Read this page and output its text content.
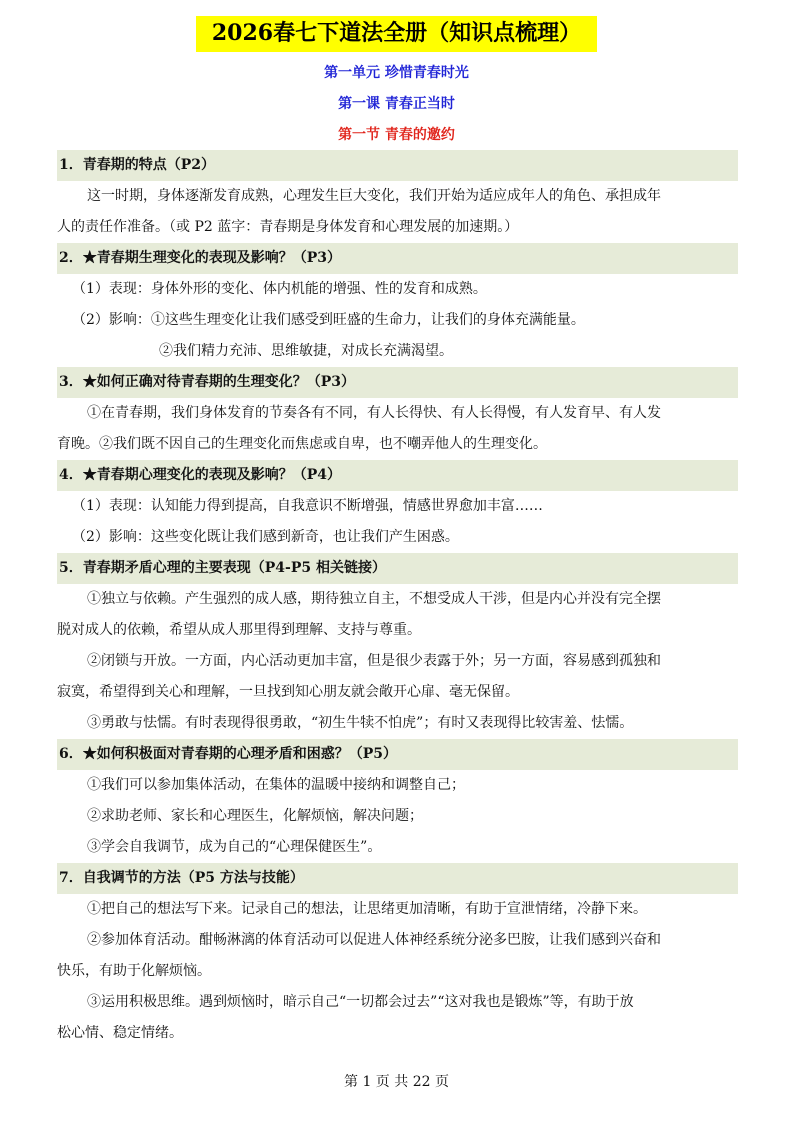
2026春七下道法全册（知识点梳理）
第一单元 珍惜青春时光
第一课 青春正当时
第一节 青春的邀约
1．青春期的特点（P2）
这一时期，身体逐渐发育成熟，心理发生巨大变化，我们开始为适应成年人的角色、承担成年
人的责任作准备。（或 P2 蓝字：青春期是身体发育和心理发展的加速期。）
2．★青春期生理变化的表现及影响？（P3）
（1）表现：身体外形的变化、体内机能的增强、性的发育和成熟。
（2）影响：①这些生理变化让我们感受到旺盛的生命力，让我们的身体充满能量。
②我们精力充沛、思维敏捷，对成长充满渴望。
3．★如何正确对待青春期的生理变化？（P3）
①在青春期，我们身体发育的节奏各有不同，有人长得快、有人长得慢，有人发育早、有人发
育晚。②我们既不因自己的生理变化而焦虑或自卑，也不嘲弄他人的生理变化。
4．★青春期心理变化的表现及影响？（P4）
（1）表现：认知能力得到提高，自我意识不断增强，情感世界愈加丰富……
（2）影响：这些变化既让我们感到新奇，也让我们产生困惑。
5．青春期矛盾心理的主要表现（P4-P5 相关链接）
①独立与依赖。产生强烈的成人感，期待独立自主，不想受成人干涉，但是内心并没有完全摆
脱对成人的依赖，希望从成人那里得到理解、支持与尊重。
②闭锁与开放。一方面，内心活动更加丰富，但是很少表露于外；另一方面，容易感到孤独和
寂寞，希望得到关心和理解，一旦找到知心朋友就会敞开心扉、毫无保留。
③勇敢与怯懦。有时表现得很勇敢，“初生牛犊不怕虎”；有时又表现得比较害羞、怯懦。
6．★如何积极面对青春期的心理矛盾和困惑？（P5）
①我们可以参加集体活动，在集体的温暖中接纳和调整自己；
②求助老师、家长和心理医生，化解烦恼，解决问题；
③学会自我调节，成为自己的“心理保健医生”。
7．自我调节的方法（P5 方法与技能）
①把自己的想法写下来。记录自己的想法，让思绪更加清晰，有助于宣泄情绪，冷静下来。
②参加体育活动。酣畅淋漓的体育活动可以促进人体神经系统分泌多巴胺，让我们感到兴奋和
快乐，有助于化解烦恼。
③运用积极思维。遇到烦恼时，暗示自己“一切都会过去”“这对我也是锻炼”等，有助于放
松心情、稳定情绪。
第 1 页 共 22 页
